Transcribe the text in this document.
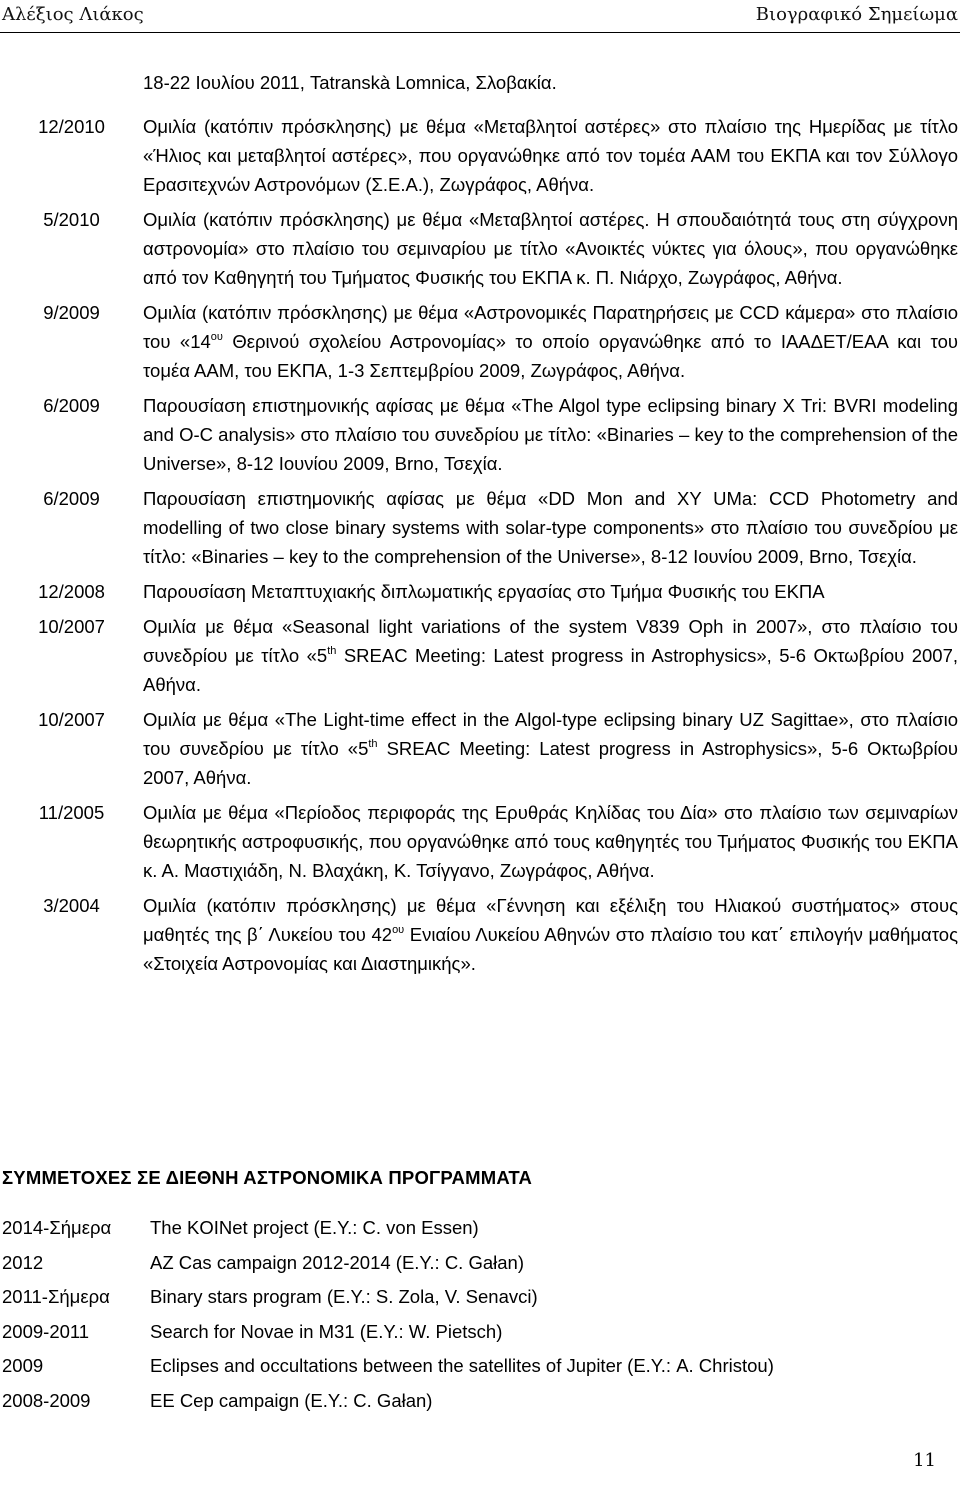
Αλέξιος Λιάκος	Βιογραφικό Σημείωμα
18-22 Ιουλίου 2011, Tatranskà Lomnica, Σλοβακία.
12/2010	Ομιλία (κατόπιν πρόσκλησης) με θέμα «Μεταβλητοί αστέρες» στο πλαίσιο της Ημερίδας με τίτλο «Ήλιος και μεταβλητοί αστέρες», που οργανώθηκε από τον τομέα ΑΑΜ του ΕΚΠΑ και τον Σύλλογο Ερασιτεχνών Αστρονόμων (Σ.Ε.Α.), Ζωγράφος, Αθήνα.
5/2010	Ομιλία (κατόπιν πρόσκλησης) με θέμα «Μεταβλητοί αστέρες. Η σπουδαιότητά τους στη σύγχρονη αστρονομία» στο πλαίσιο του σεμιναρίου με τίτλο «Ανοικτές νύκτες για όλους», που οργανώθηκε από τον Καθηγητή του Τμήματος Φυσικής του ΕΚΠΑ κ. Π. Νιάρχο, Ζωγράφος, Αθήνα.
9/2009	Ομιλία (κατόπιν πρόσκλησης) με θέμα «Αστρονομικές Παρατηρήσεις με CCD κάμερα» στο πλαίσιο του «$14^{o\upsilon}$ Θερινού σχολείου Αστρονομίας» το οποίο οργανώθηκε από το ΙΑΑΔΕΤ/ΕΑΑ και του τομέα ΑΑΜ, του ΕΚΠΑ, 1-3 Σεπτεμβρίου 2009, Ζωγράφος, Αθήνα.
6/2009	Παρουσίαση επιστημονικής αφίσας με θέμα «The Algol type eclipsing binary X Tri: BVRI modeling and O-C analysis» στο πλαίσιο του συνεδρίου με τίτλο: «Binaries – key to the comprehension of the Universe», 8-12 Ιουνίου 2009, Brno, Τσεχία.
6/2009	Παρουσίαση επιστημονικής αφίσας με θέμα «DD Mon and XY UMa: CCD Photometry and modelling of two close binary systems with solar-type components» στο πλαίσιο του συνεδρίου με τίτλο: «Binaries – key to the comprehension of the Universe», 8-12 Ιουνίου 2009, Brno, Τσεχία.
12/2008	Παρουσίαση Μεταπτυχιακής διπλωματικής εργασίας στο Τμήμα Φυσικής του ΕΚΠΑ
10/2007	Ομιλία με θέμα «Seasonal light variations of the system V839 Oph in 2007», στο πλαίσιο του συνεδρίου με τίτλο «5th SREAC Meeting: Latest progress in Astrophysics», 5-6 Οκτωβρίου 2007, Αθήνα.
10/2007	Ομιλία με θέμα «The Light-time effect in the Algol-type eclipsing binary UZ Sagittae», στο πλαίσιο του συνεδρίου με τίτλο «5th SREAC Meeting: Latest progress in Astrophysics», 5-6 Οκτωβρίου 2007, Αθήνα.
11/2005	Ομιλία με θέμα «Περίοδος περιφοράς της Ερυθράς Κηλίδας του Δία» στο πλαίσιο των σεμιναρίων θεωρητικής αστροφυσικής, που οργανώθηκε από τους καθηγητές του Τμήματος Φυσικής του ΕΚΠΑ κ. Α. Μαστιχιάδη, Ν. Βλαχάκη, Κ. Τσίγγανο, Ζωγράφος, Αθήνα.
3/2004	Ομιλία (κατόπιν πρόσκλησης) με θέμα «Γέννηση και εξέλιξη του Ηλιακού συστήματος» στους μαθητές της β΄ Λυκείου του $42^{o\upsilon}$ Ενιαίου Λυκείου Αθηνών στο πλαίσιο του κατ΄ επιλογήν μαθήματος «Στοιχεία Αστρονομίας και Διαστημικής».
ΣΥΜΜΕΤΟΧΕΣ ΣΕ ΔΙΕΘΝΗ ΑΣΤΡΟΝΟΜΙΚΑ ΠΡΟΓΡΑΜΜΑΤΑ
2014-Σήμερα	The KOINet project (Ε.Υ.: C. von Essen)
2012	AZ Cas campaign 2012-2014 (Ε.Υ.: C. Gałan)
2011-Σήμερα	Binary stars program (Ε.Υ.: S. Zola, V. Senavci)
2009-2011	Search for Novae in M31 (Ε.Υ.: W. Pietsch)
2009	Eclipses and occultations between the satellites of Jupiter (Ε.Υ.: A. Christou)
2008-2009	EE Cep campaign (Ε.Υ.: C. Gałan)
11
